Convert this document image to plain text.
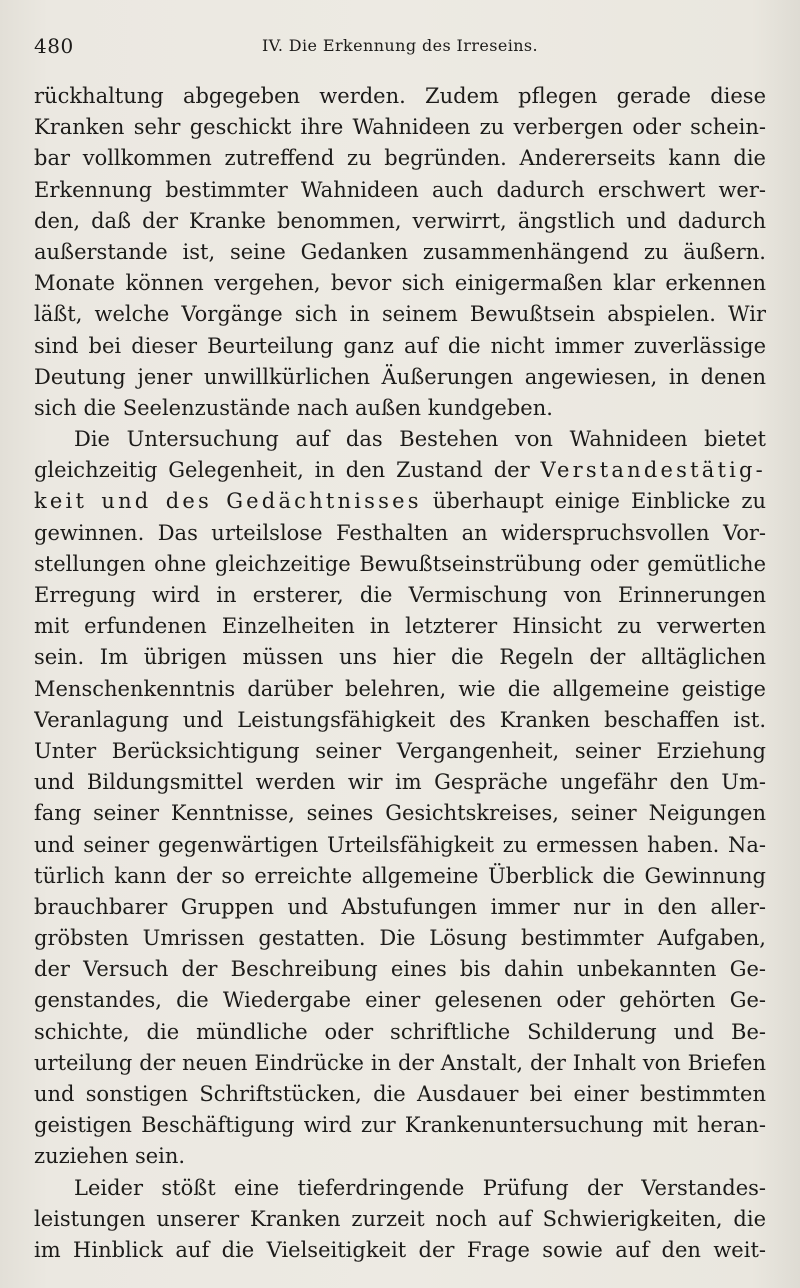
480	IV. Die Erkennung des Irreseins.
rückhaltung abgegeben werden. Zudem pflegen gerade diese
Kranken sehr geschickt ihre Wahnideen zu verbergen oder schein-
bar vollkommen zutreffend zu begründen. Andererseits kann die
Erkennung bestimmter Wahnideen auch dadurch erschwert wer-
den, daß der Kranke benommen, verwirrt, ängstlich und dadurch
außerstande ist, seine Gedanken zusammenhängend zu äußern.
Monate können vergehen, bevor sich einigermaßen klar erkennen
läßt, welche Vorgänge sich in seinem Bewußtsein abspielen. Wir
sind bei dieser Beurteilung ganz auf die nicht immer zuverlässige
Deutung jener unwillkürlichen Äußerungen angewiesen, in denen
sich die Seelenzustände nach außen kundgeben.
Die Untersuchung auf das Bestehen von Wahnideen bietet
gleichzeitig Gelegenheit, in den Zustand der Verstandestätig-
keit und des Gedächtnisses überhaupt einige Einblicke zu
gewinnen. Das urteilslose Festhalten an widerspruchsvollen Vor-
stellungen ohne gleichzeitige Bewußtseinstrübung oder gemütliche
Erregung wird in ersterer, die Vermischung von Erinnerungen
mit erfundenen Einzelheiten in letzterer Hinsicht zu verwerten
sein. Im übrigen müssen uns hier die Regeln der alltäglichen
Menschenkenntnis darüber belehren, wie die allgemeine geistige
Veranlagung und Leistungsfähigkeit des Kranken beschaffen ist.
Unter Berücksichtigung seiner Vergangenheit, seiner Erziehung
und Bildungsmittel werden wir im Gespräche ungefähr den Um-
fang seiner Kenntnisse, seines Gesichtskreises, seiner Neigungen
und seiner gegenwärtigen Urteilsfähigkeit zu ermessen haben. Na-
türlich kann der so erreichte allgemeine Überblick die Gewinnung
brauchbarer Gruppen und Abstufungen immer nur in den aller-
gröbsten Umrissen gestatten. Die Lösung bestimmter Aufgaben,
der Versuch der Beschreibung eines bis dahin unbekannten Ge-
genstandes, die Wiedergabe einer gelesenen oder gehörten Ge-
schichte, die mündliche oder schriftliche Schilderung und Be-
urteilung der neuen Eindrücke in der Anstalt, der Inhalt von Briefen
und sonstigen Schriftstücken, die Ausdauer bei einer bestimmten
geistigen Beschäftigung wird zur Krankenuntersuchung mit heran-
zuziehen sein.
Leider stößt eine tieferdringende Prüfung der Verstandes-
leistungen unserer Kranken zurzeit noch auf Schwierigkeiten, die
im Hinblick auf die Vielseitigkeit der Frage sowie auf den weit-
